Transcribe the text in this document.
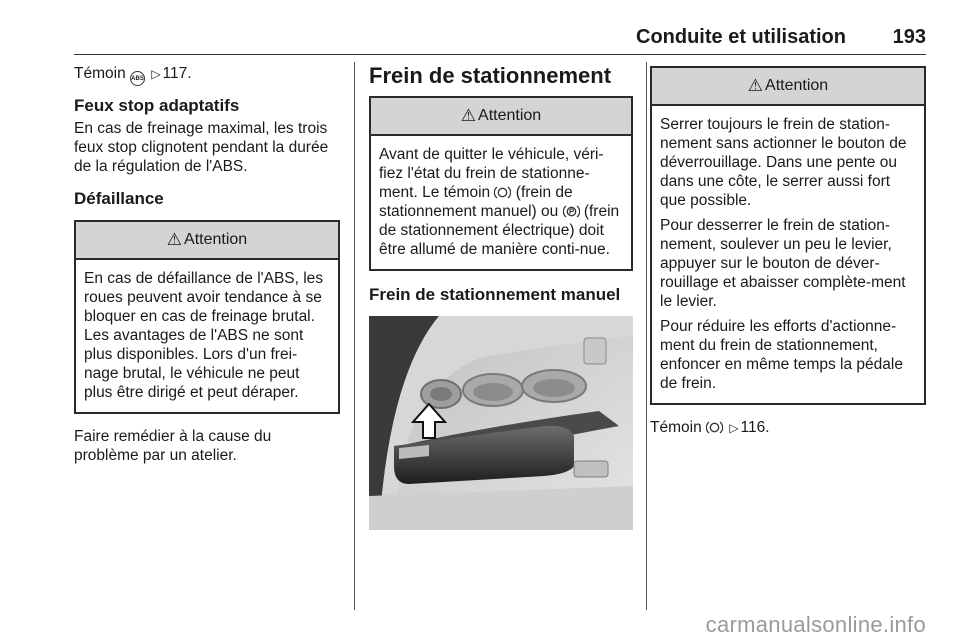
Conduite et utilisation 193

Témoin ABS ▷ 117.

Feux stop adaptatifs

En cas de freinage maximal, les trois feux stop clignotent pendant la durée de la régulation de l'ABS.

Défaillance
⚠ Attention

En cas de défaillance de l'ABS, les roues peuvent avoir tendance à se bloquer en cas de freinage brutal. Les avantages de l'ABS ne sont plus disponibles. Lors d'un frei-nage brutal, le véhicule ne peut plus être dirigé et peut déraper.

Faire remédier à la cause du problème par un atelier.

Frein de stationnement
⚠ Attention

Avant de quitter le véhicule, véri-fiez l'état du frein de stationne-ment. Le témoin (frein de stationnement manuel) ou (frein de stationnement électrique) doit être allumé de manière conti-nue.

Frein de stationnement manuel
⚠ Attention

Serrer toujours le frein de station-nement sans actionner le bouton de déverrouillage. Dans une pente ou dans une côte, le serrer aussi fort que possible.

Pour desserrer le frein de station-nement, soulever un peu le levier, appuyer sur le bouton de déver-rouillage et abaisser complète-ment le levier.

Pour réduire les efforts d'actionne-ment du frein de stationnement, enfoncer en même temps la pédale de frein.

Témoin ▷ 116.

carmanualsonline.info
